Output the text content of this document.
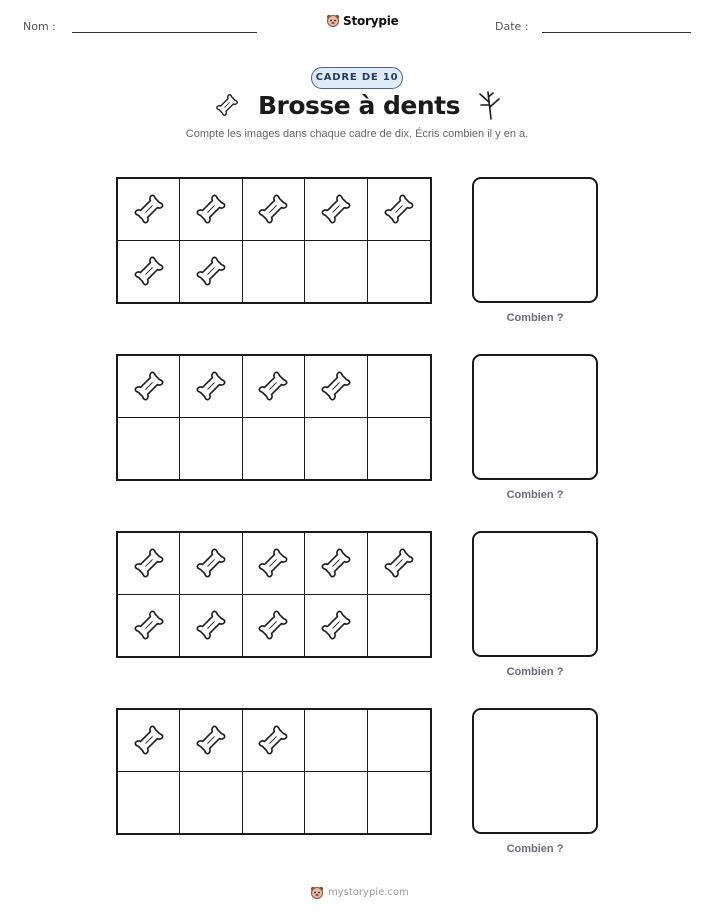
Nom :	Storypie	Date :
CADRE DE 10
Brosse à dents
Compte les images dans chaque cadre de dix. Écris combien il y en a.
Combien ?
Combien ?
Combien ?
Combien ?
mystorypie.com
